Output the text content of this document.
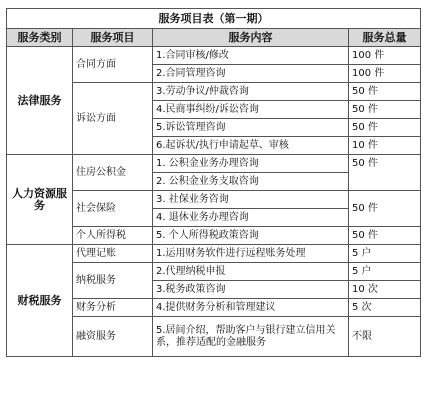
服务项目表（第一期）			
服务类别	服务项目	服务内容	服务总量
法律服务	合同方面	1.合同审核/修改	100 件
		2.合同管理咨询	100 件
	诉讼方面	3.劳动争议/仲裁咨询	50 件
		4.民商事纠纷/诉讼咨询	50 件
		5.诉讼管理咨询	50 件
		6.起诉状/执行申请起草、审核	10 件
人力资源服务	住房公积金	1. 公积金业务办理咨询	50 件
		2. 公积金业务支取咨询	
	社会保险	3. 社保业务咨询	50 件
		4. 退休业务办理咨询	
	个人所得税	5. 个人所得税政策咨询	50 件
财税服务	代理记账	1.运用财务软件进行远程账务处理	5 户
	纳税服务	2.代理纳税申报	5 户
		3.税务政策咨询	10 次
	财务分析	4.提供财务分析和管理建议	5 次
	融资服务	5.居间介绍，帮助客户与银行建立信用关系，推荐适配的金融服务	不限
